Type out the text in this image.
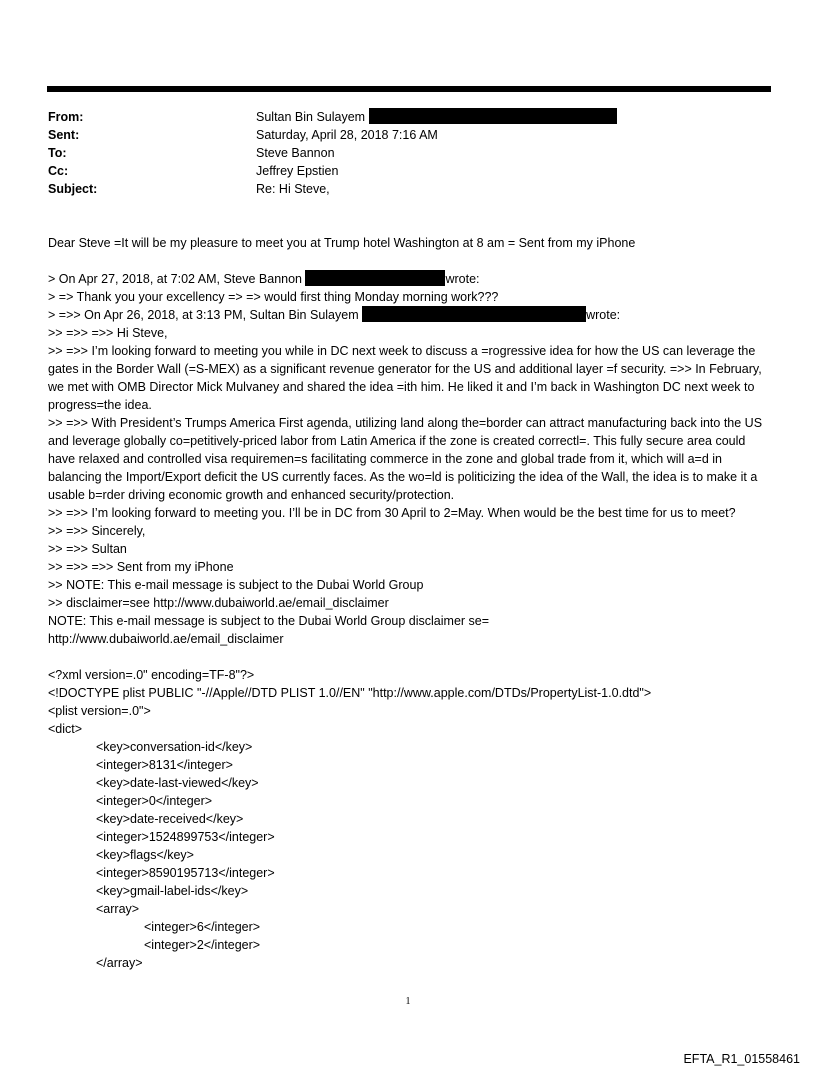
From:	Sultan Bin Sulayem
Sent:	Saturday, April 28, 2018 7:16 AM
To:	Steve Bannon
Cc:	Jeffrey Epstien
Subject:	Re: Hi Steve,
Dear Steve =It will be my pleasure to meet you at Trump hotel Washington at 8 am = Sent from my iPhone
> On Apr 27, 2018, at 7:02 AM, Steve Bannon	wrote:
> => Thank you your excellency => => would first thing Monday morning work???
> =>> On Apr 26, 2018, at 3:13 PM, Sultan Bin Sulayem	wrote:
>> =>> =>> Hi Steve,
>> =>> I’m looking forward to meeting you while in DC next week to discuss a =rogressive idea for how the US can leverage the gates in the Border Wall (=S-MEX) as a significant revenue generator for the US and additional layer =f security. =>> In February, we met with OMB Director Mick Mulvaney and shared the idea =ith him. He liked it and I’m back in Washington DC next week to progress=the idea.
>> =>> With President’s Trumps America First agenda, utilizing land along the=border can attract manufacturing back into the US and leverage globally co=petitively-priced labor from Latin America if the zone is created correctl=. This fully secure area could have relaxed and controlled visa requiremen=s facilitating commerce in the zone and global trade from it, which will a=d in balancing the Import/Export deficit the US currently faces. As the wo=ld is politicizing the idea of the Wall, the idea is to make it a usable b=rder driving economic growth and enhanced security/protection.
>> =>> I’m looking forward to meeting you. I’ll be in DC from 30 April to 2=May. When would be the best time for us to meet?
>> =>> Sincerely,
>> =>> Sultan
>> =>> =>> Sent from my iPhone
>> NOTE: This e-mail message is subject to the Dubai World Group
>> disclaimer=see http://www.dubaiworld.ae/email_disclaimer
NOTE: This e-mail message is subject to the Dubai World Group disclaimer se=
http://www.dubaiworld.ae/email_disclaimer
<?xml version=.0" encoding=TF-8"?>
<!DOCTYPE plist PUBLIC "-//Apple//DTD PLIST 1.0//EN" "http://www.apple.com/DTDs/PropertyList-1.0.dtd">
<plist version=.0">
<dict>
<key>conversation-id</key>
<integer>8131</integer>
<key>date-last-viewed</key>
<integer>0</integer>
<key>date-received</key>
<integer>1524899753</integer>
<key>flags</key>
<integer>8590195713</integer>
<key>gmail-label-ids</key>
<array>
<integer>6</integer>
<integer>2</integer>
</array>
1
EFTA_R1_01558461
